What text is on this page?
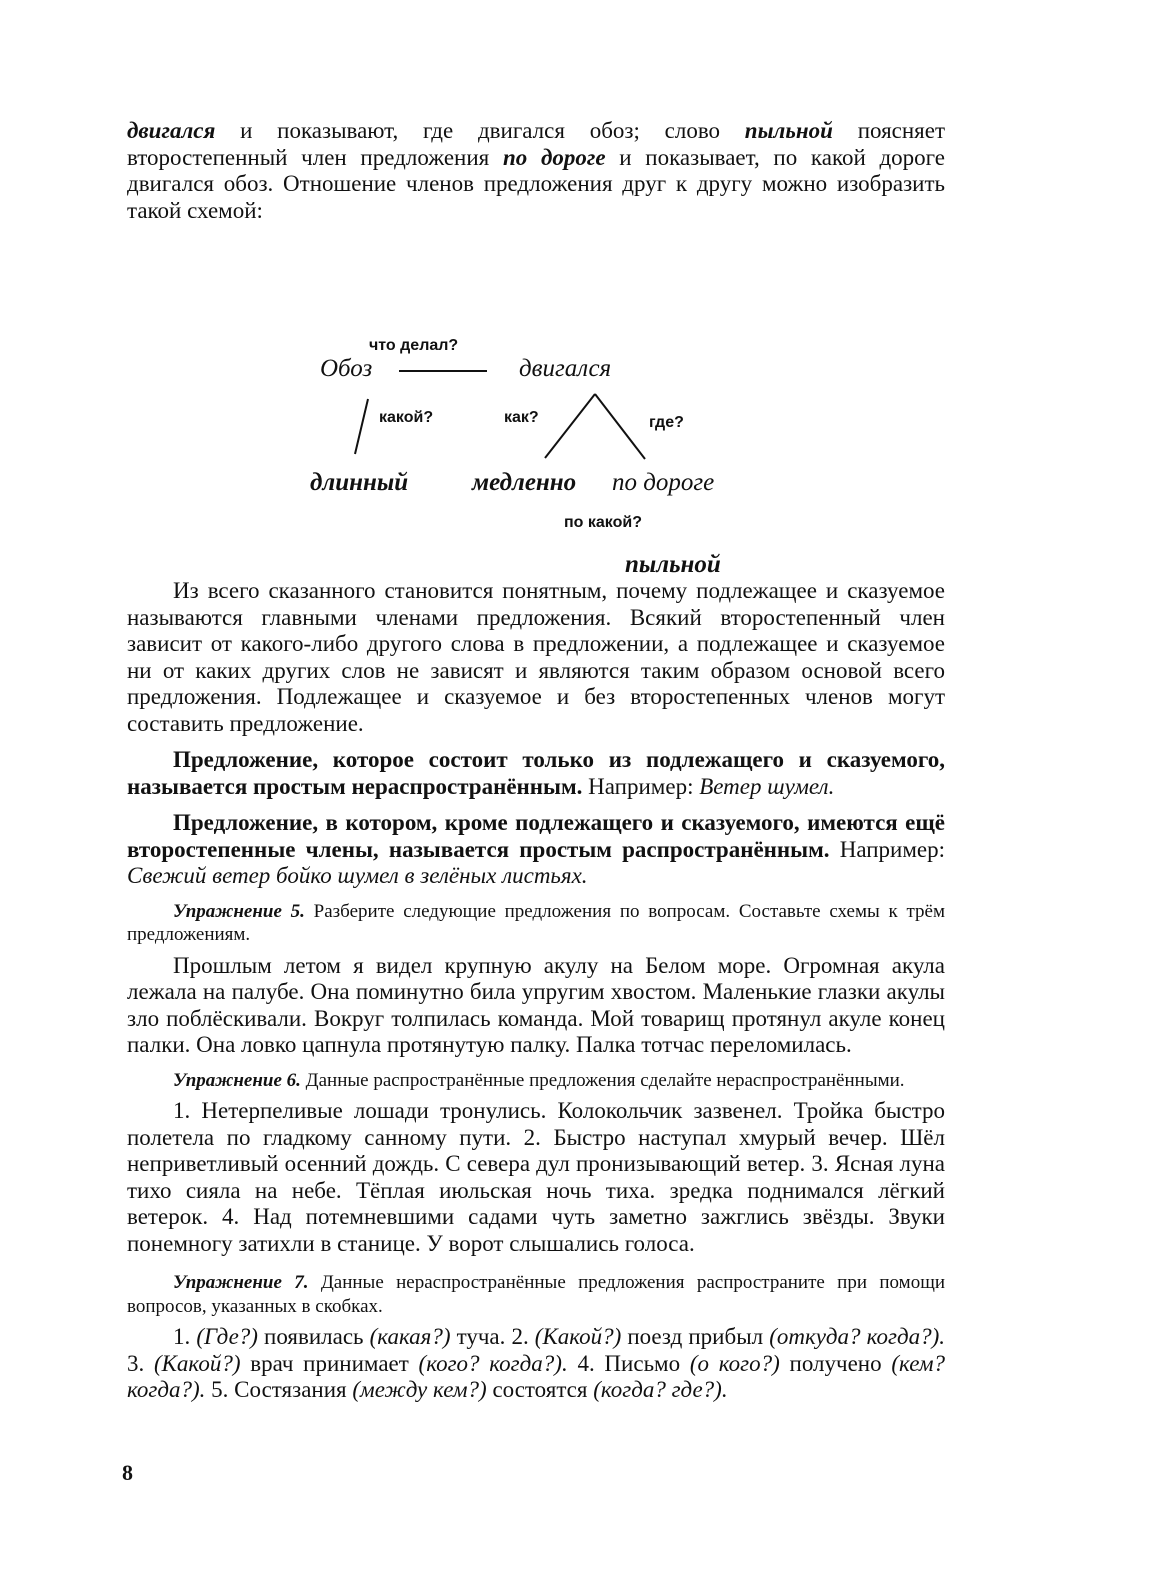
двигался и показывают, где двигался обоз; слово пыльной поясняет второстепенный член предложения по дороге и показывает, по какой дороге двигался обоз. Отношение членов предложения друг к другу можно изобразить такой схемой:

что делал?
Обоз	двигался
какой?	как?	где?
длинный	медленно по дороге
по какой?
пыльной

Из всего сказанного становится понятным, почему подлежащее и сказуемое называются главными членами предложения. Всякий второстепенный член зависит от какого-либо другого слова в предложении, а подлежащее и сказуемое ни от каких других слов не зависят и являются таким образом основой всего предложения. Подлежащее и сказуемое и без второстепенных членов могут составить предложение.

Предложение, которое состоит только из подлежащего и сказуемого, называется простым нераспространённым. Например: Ветер шумел.

Предложение, в котором, кроме подлежащего и сказуемого, имеются ещё второстепенные члены, называется простым распространённым. Например: Свежий ветер бойко шумел в зелёных листьях.

Упражнение 5. Разберите следующие предложения по вопросам. Составьте схемы к трём предложениям.

Прошлым летом я видел крупную акулу на Белом море. Огромная акула лежала на палубе. Она поминутно била упругим хвостом. Маленькие глазки акулы зло поблёскивали. Вокруг толпилась команда. Мой товарищ протянул акуле конец палки. Она ловко цапнула протянутую палку. Палка тотчас переломилась.

Упражнение 6. Данные распространённые предложения сделайте нераспространёнными.

1. Нетерпеливые лошади тронулись. Колокольчик зазвенел. Тройка быстро полетела по гладкому санному пути. 2. Быстро наступал хмурый вечер. Шёл неприветливый осенний дождь. С севера дул пронизывающий ветер. 3. Ясная луна тихо сияла на небе. Тёплая июльская ночь тиха. зредка поднимался лёгкий ветерок. 4. Над потемневшими садами чуть заметно зажглись звёзды. Звуки понемногу затихли в станице. У ворот слышались голоса.

Упражнение 7. Данные нераспространённые предложения распространите при помощи вопросов, указанных в скобках.

1. (Где?) появилась (какая?) туча. 2. (Какой?) поезд прибыл (откуда? когда?). 3. (Какой?) врач принимает (кого? когда?). 4. Письмо (о кого?) получено (кем? когда?). 5. Состязания (между кем?) состоятся (когда? где?).

8
